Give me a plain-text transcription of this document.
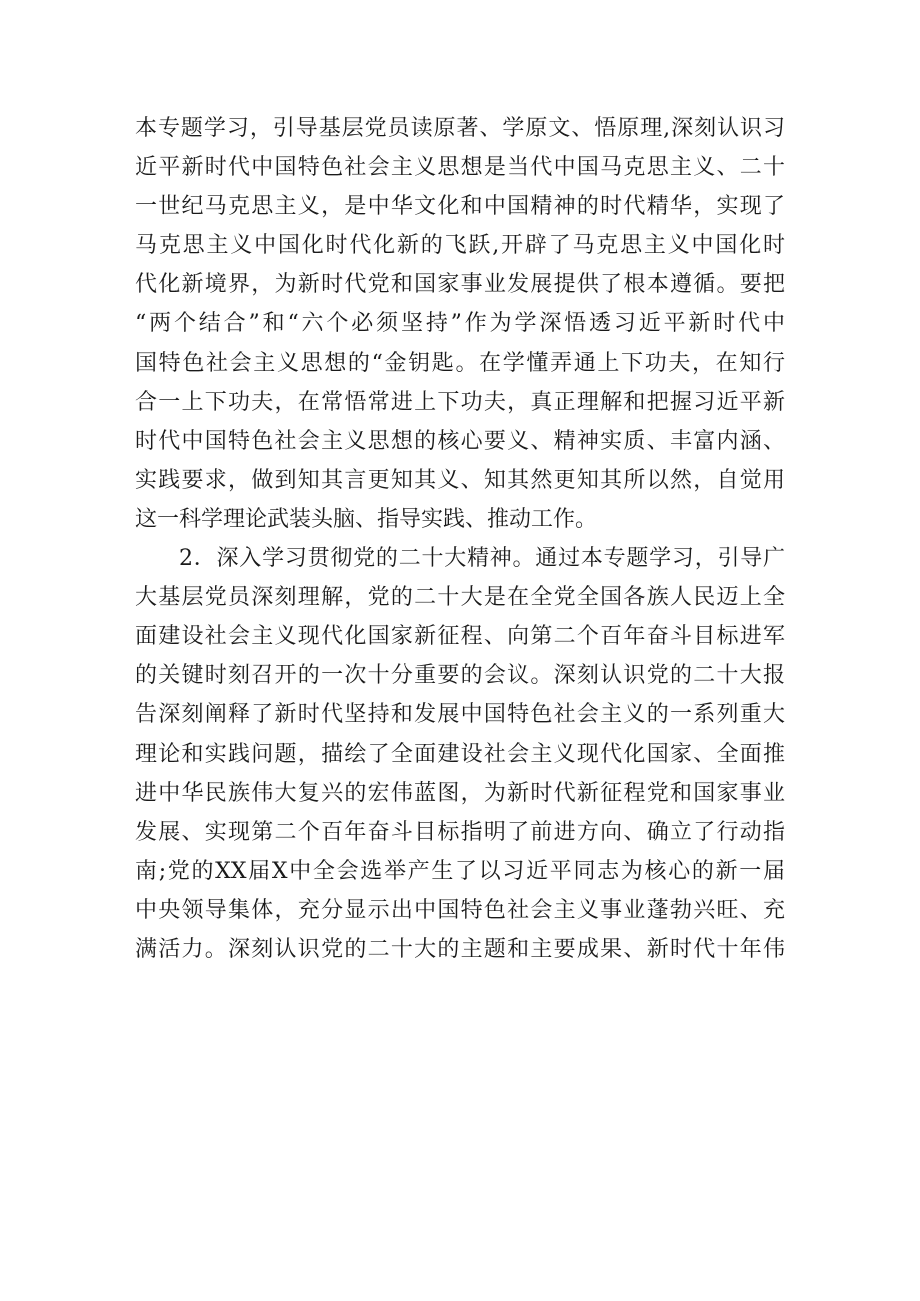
本专题学习，引导基层党员读原著、学原文、悟原理,深刻认识习
近平新时代中国特色社会主义思想是当代中国马克思主义、二十
一世纪马克思主义，是中华文化和中国精神的时代精华，实现了
马克思主义中国化时代化新的飞跃,开辟了马克思主义中国化时
代化新境界，为新时代党和国家事业发展提供了根本遵循。要把
“两个结合”和“六个必须坚持”作为学深悟透习近平新时代中
国特色社会主义思想的“金钥匙。在学懂弄通上下功夫，在知行
合一上下功夫，在常悟常进上下功夫，真正理解和把握习近平新
时代中国特色社会主义思想的核心要义、精神实质、丰富内涵、
实践要求，做到知其言更知其义、知其然更知其所以然，自觉用
这一科学理论武装头脑、指导实践、推动工作。
2．深入学习贯彻党的二十大精神。通过本专题学习，引导广
大基层党员深刻理解，党的二十大是在全党全国各族人民迈上全
面建设社会主义现代化国家新征程、向第二个百年奋斗目标进军
的关键时刻召开的一次十分重要的会议。深刻认识党的二十大报
告深刻阐释了新时代坚持和发展中国特色社会主义的一系列重大
理论和实践问题，描绘了全面建设社会主义现代化国家、全面推
进中华民族伟大复兴的宏伟蓝图，为新时代新征程党和国家事业
发展、实现第二个百年奋斗目标指明了前进方向、确立了行动指
南;党的XX届X中全会选举产生了以习近平同志为核心的新一届
中央领导集体，充分显示出中国特色社会主义事业蓬勃兴旺、充
满活力。深刻认识党的二十大的主题和主要成果、新时代十年伟
